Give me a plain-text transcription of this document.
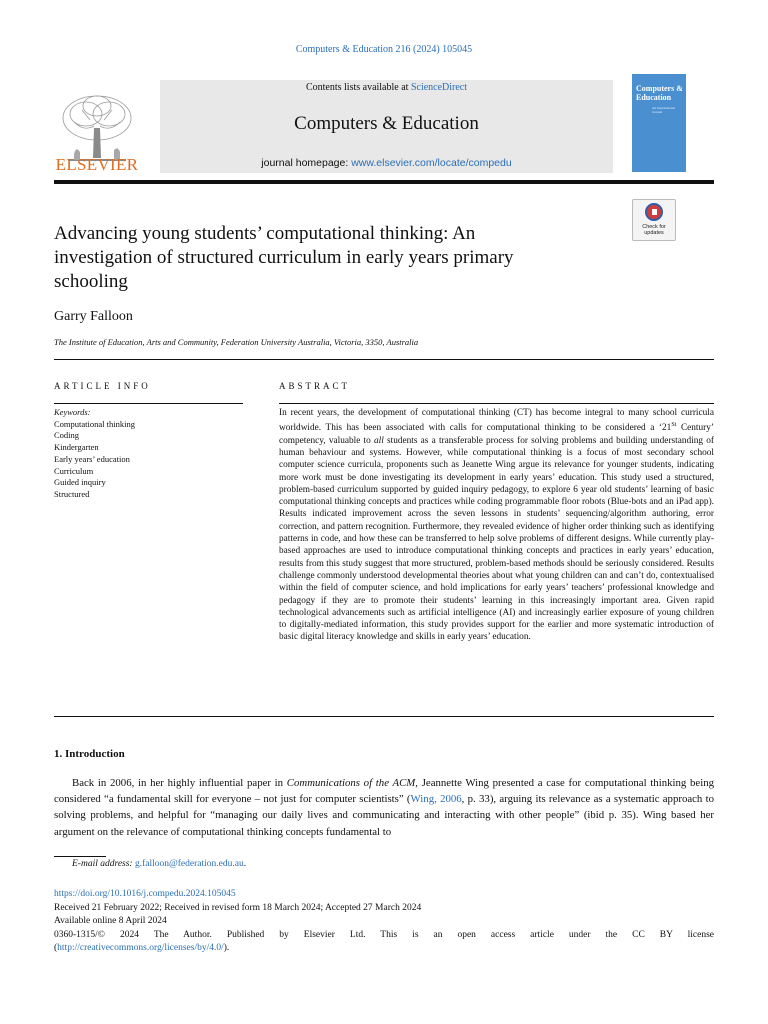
Computers & Education 216 (2024) 105045
Contents lists available at ScienceDirect
Computers & Education
journal homepage: www.elsevier.com/locate/compedu
ELSEVIER
Computers & Education
An International Journal
Check for updates
Advancing young students’ computational thinking: An investigation of structured curriculum in early years primary schooling
Garry Falloon
The Institute of Education, Arts and Community, Federation University Australia, Victoria, 3350, Australia
ARTICLE INFO	ABSTRACT
Keywords:
Computational thinking
Coding
Kindergarten
Early years’ education
Curriculum
Guided inquiry
Structured
In recent years, the development of computational thinking (CT) has become integral to many school curricula worldwide. This has been associated with calls for computational thinking to be considered a ‘21St Century’ competency, valuable to all students as a transferable process for solving problems and building understanding of human behaviour and systems. However, while computational thinking is a focus of most secondary school computer science curricula, proponents such as Jeanette Wing argue its relevance for younger students, indicating more work must be done investigating its development in early years’ education. This study used a structured, problem-based curriculum supported by guided inquiry pedagogy, to explore 6 year old students’ learning of basic computational thinking concepts and practices while coding programmable floor robots (Blue-bots and an iPad app). Results indicated improvement across the seven lessons in students’ sequencing/algorithm authoring, error correction, and pattern recognition. Furthermore, they revealed evidence of higher order thinking such as identifying patterns in code, and how these can be transferred to help solve problems of different designs. While currently play-based approaches are used to introduce computational thinking concepts and practices in early years’ education, results from this study suggest that more structured, problem-based methods should be seriously considered. Results challenge commonly understood developmental theories about what young children can and can’t do, contextualised within the field of computer science, and hold implications for early years’ teachers’ professional knowledge and pedagogy if they are to promote their students’ learning in this increasingly important area. Given rapid technological advancements such as artificial intelligence (AI) and increasingly earlier exposure of young children to digitally-mediated information, this study provides support for the earlier and more systematic introduction of basic digital literacy knowledge and skills in early years’ education.
1. Introduction
Back in 2006, in her highly influential paper in Communications of the ACM, Jeannette Wing presented a case for computational thinking being considered “a fundamental skill for everyone – not just for computer scientists” (Wing, 2006, p. 33), arguing its relevance as a systematic approach to solving problems, and helpful for “managing our daily lives and communicating and interacting with other people” (ibid p. 35). Wing based her argument on the relevance of computational thinking concepts fundamental to
E-mail address: g.falloon@federation.edu.au.
https://doi.org/10.1016/j.compedu.2024.105045
Received 21 February 2022; Received in revised form 18 March 2024; Accepted 27 March 2024
Available online 8 April 2024
0360-1315/© 2024 The Author. Published by Elsevier Ltd. This is an open access article under the CC BY license
(http://creativecommons.org/licenses/by/4.0/).
